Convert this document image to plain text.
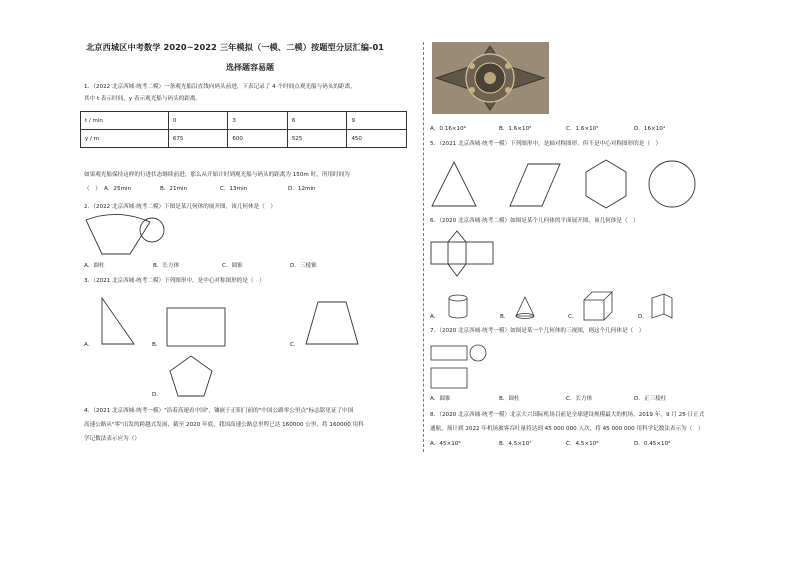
北京西城区中考数学 2020~2022 三年模拟（一模、二模）按题型分层汇编-01
选择题容易题
1．（2022 北京西城·统考二模）一条观光船沿直线向码头前进，下表记录了 4 个时间点观光船与码头的距离，
其中 t 表示时间，y 表示观光船与码头的距离。
t / min	0	3	6	9
y / m	675	600	525	450
如果观光船保持这样的行进状态继续前进，那么从开始计时到观光船与码头的距离为 150m 时，所用时间为
（　） A．25min	B．21min	C．13min	D．12min
2．（2022 北京西城·统考二模）下图是某几何体的展开图，该几何体是（　）
A．圆柱	B．长方体	C．圆锥	D．三棱锥
3．（2021 北京西城·统考二模）下列图形中，是中心对称图形的是（　）
A．	B．	C．
D．
4．（2021 北京西城·统考一模）"沿着高速看中国"，镶嵌于正阳门前的"中国公路零公里点"标志铭见证了中国
高速公路从"零"出发的跨越式发展，截至 2020 年底，我国高速公路总里程已达 160000 公里，将 160000 用科
学记数法表示应为（）
A．0.16×10⁶	B．1.6×10⁵	C．1.6×10⁵	D．16×10⁴
5．（2021 北京西城·统考一模）下列图形中，是轴对称图形，但不是中心对称图形的是（　）
6．（2020 北京西城·统考二模）如图是某个几何体的平面展开图，该几何体是（　）
A．	B．	C．	D．
7．（2020 北京西城·统考一模）如图是某一个几何体的三视图，则这个几何体是（　）
A．圆锥	B．圆柱	C．长方体	D．正三棱柱
8．（2020 北京西城·统考一模）北京大兴国际机场目前是全球建设规模最大的机场，2019 年，9 月 25 日正式
通航，预计到 2022 年机场旅客吞吐量将达到 45 000 000 人次，将 45 000 000 用科学记数法表示为（　）
A．45×10⁶	B．4.5×10⁷	C．4.5×10⁸	D．0.45×10⁹
